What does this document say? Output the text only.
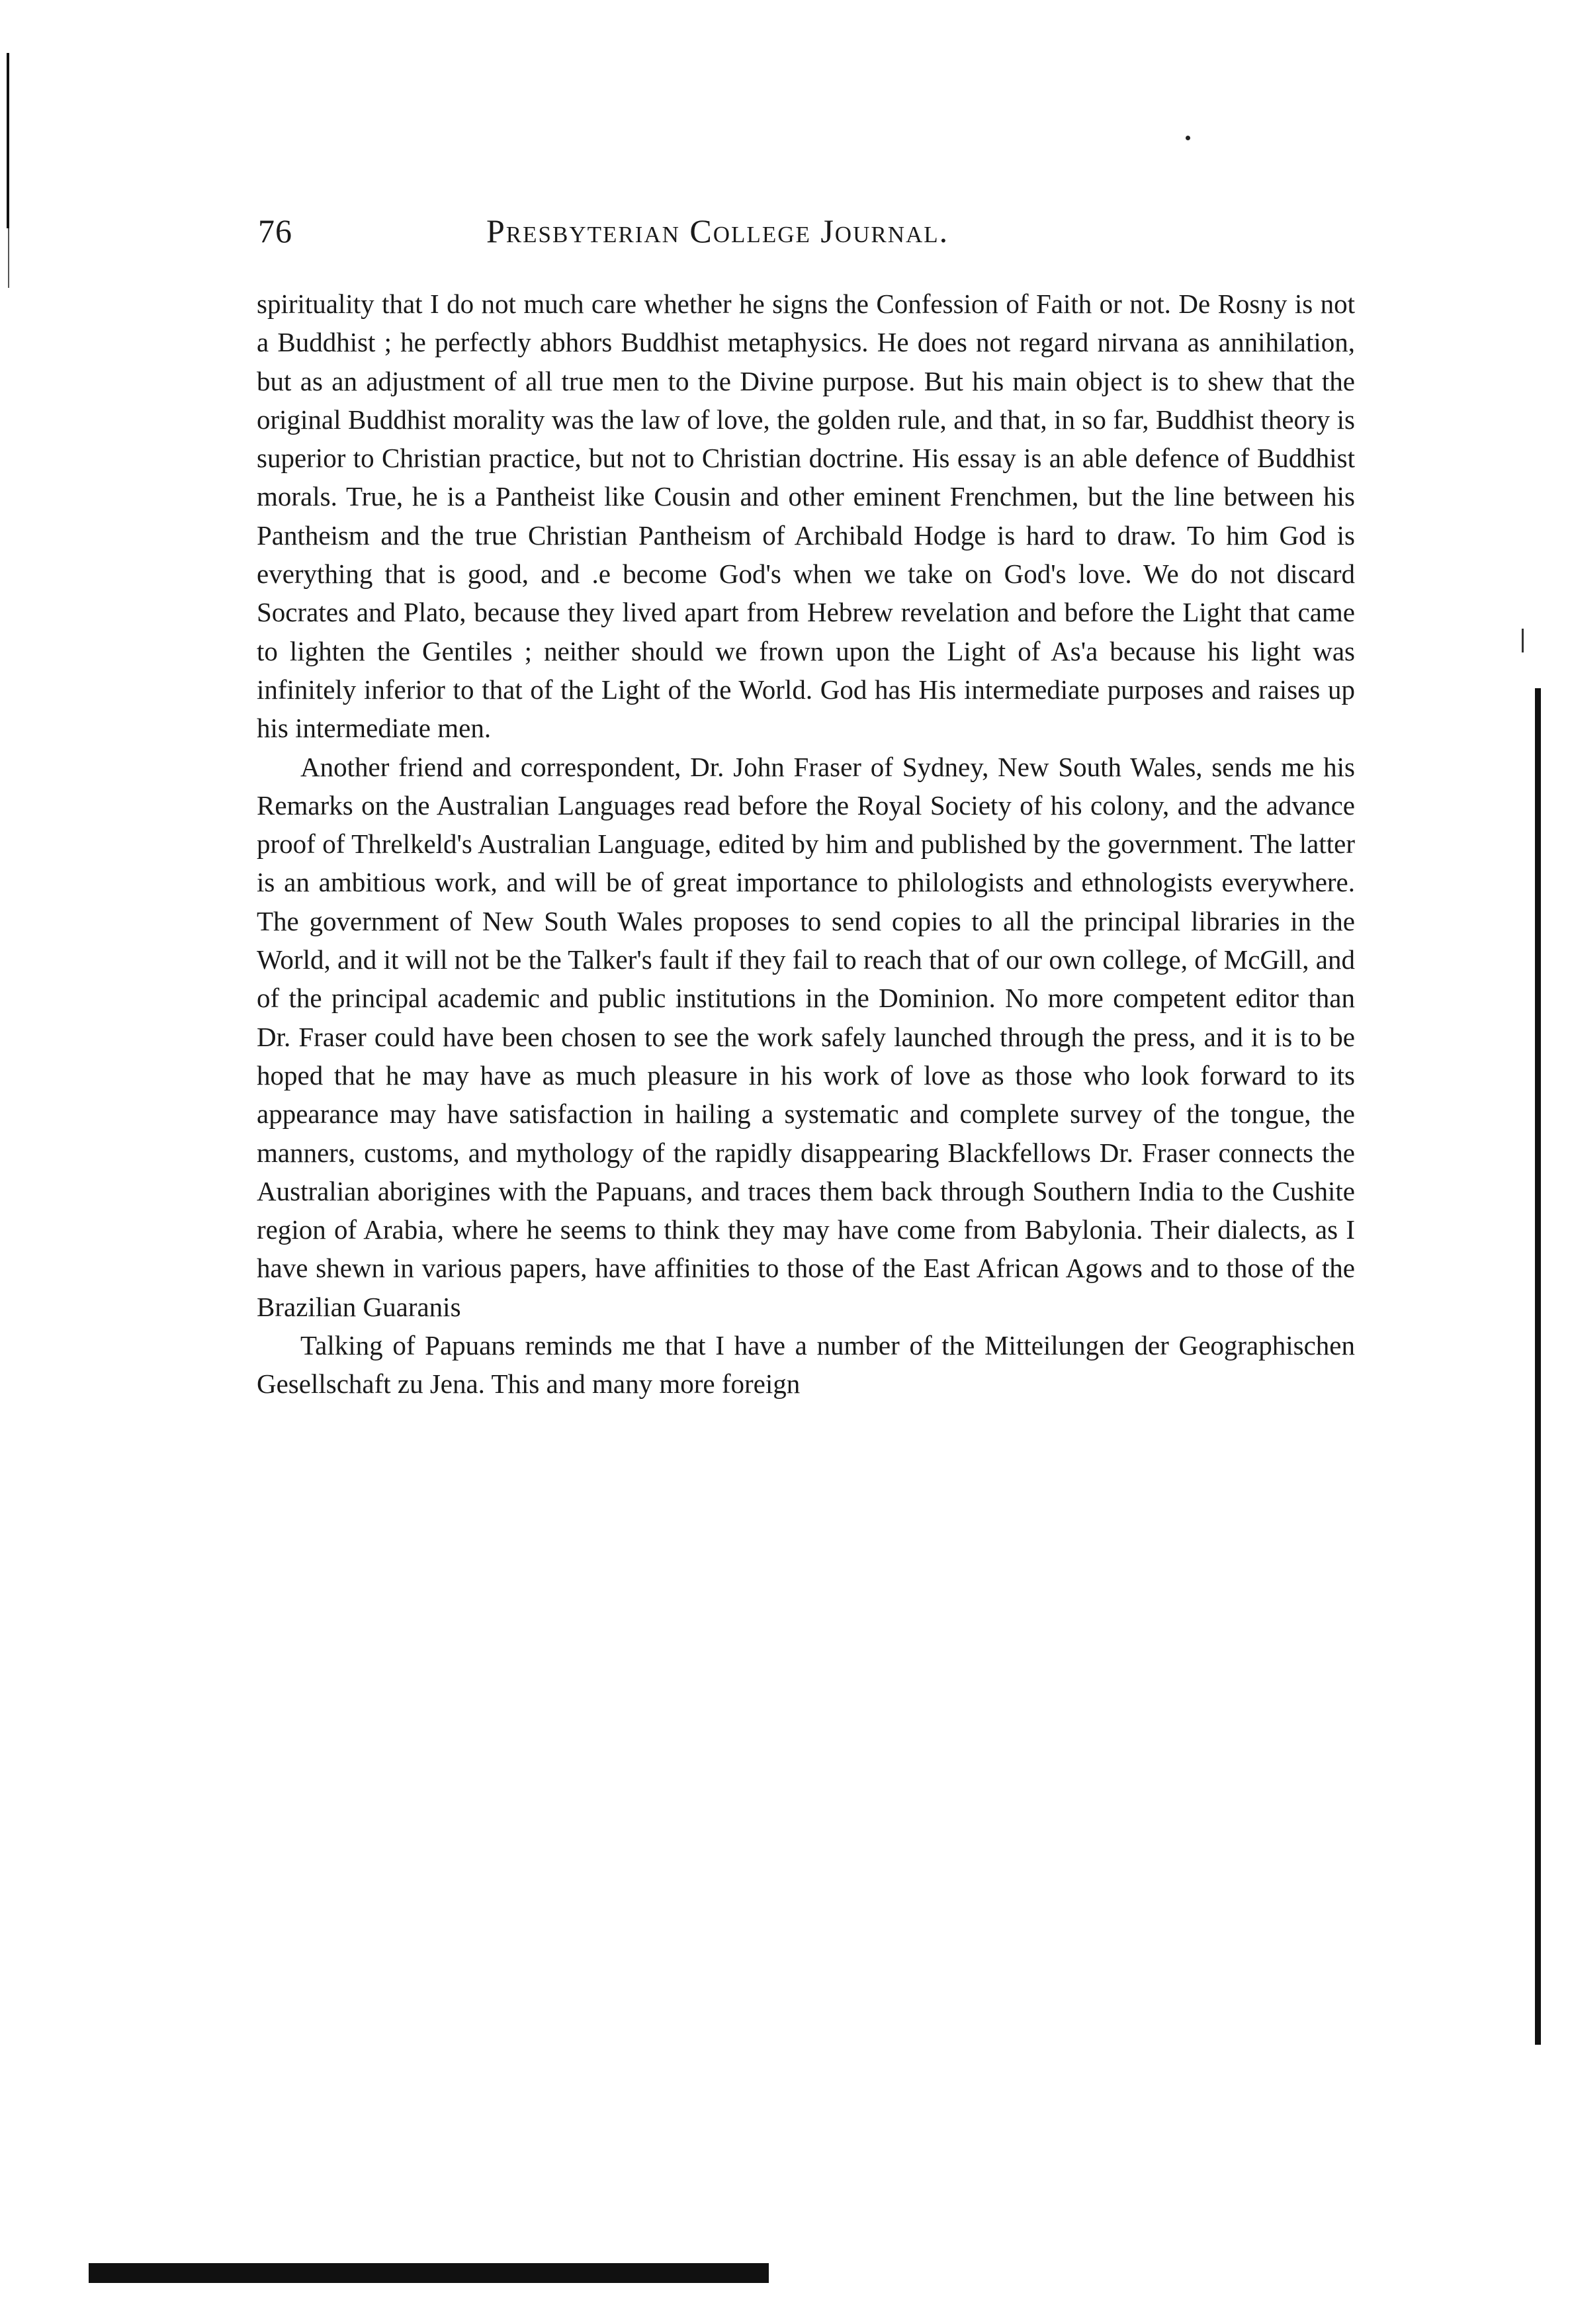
76	Presbyterian College Journal.

spirituality that I do not much care whether he signs the Confession of Faith or not. De Rosny is not a Buddhist ; he perfectly abhors Buddhist metaphysics. He does not regard nirvana as annihilation, but as an adjustment of all true men to the Divine purpose. But his main object is to shew that the original Buddhist morality was the law of love, the golden rule, and that, in so far, Buddhist theory is superior to Christian practice, but not to Christian doctrine. His essay is an able defence of Buddhist morals. True, he is a Pantheist like Cousin and other eminent Frenchmen, but the line between his Pantheism and the true Christian Pantheism of Archibald Hodge is hard to draw. To him God is everything that is good, and .e become God's when we take on God's love. We do not discard Socrates and Plato, because they lived apart from Hebrew revelation and before the Light that came to lighten the Gentiles ; neither should we frown upon the Light of As'a because his light was infinitely inferior to that of the Light of the World. God has His intermediate purposes and raises up his intermediate men.

Another friend and correspondent, Dr. John Fraser of Sydney, New South Wales, sends me his Remarks on the Australian Languages read before the Royal Society of his colony, and the advance proof of Threlkeld's Australian Language, edited by him and published by the government. The latter is an ambitious work, and will be of great importance to philologists and ethnologists everywhere. The government of New South Wales proposes to send copies to all the principal libraries in the World, and it will not be the Talker's fault if they fail to reach that of our own college, of McGill, and of the principal academic and public institutions in the Dominion. No more competent editor than Dr. Fraser could have been chosen to see the work safely launched through the press, and it is to be hoped that he may have as much pleasure in his work of love as those who look forward to its appearance may have satisfaction in hailing a systematic and complete survey of the tongue, the manners, customs, and mythology of the rapidly disappearing Blackfellows Dr. Fraser connects the Australian aborigines with the Papuans, and traces them back through Southern India to the Cushite region of Arabia, where he seems to think they may have come from Babylonia. Their dialects, as I have shewn in various papers, have affinities to those of the East African Agows and to those of the Brazilian Guaranis

Talking of Papuans reminds me that I have a number of the Mitteilungen der Geographischen Gesellschaft zu Jena. This and many more foreign
